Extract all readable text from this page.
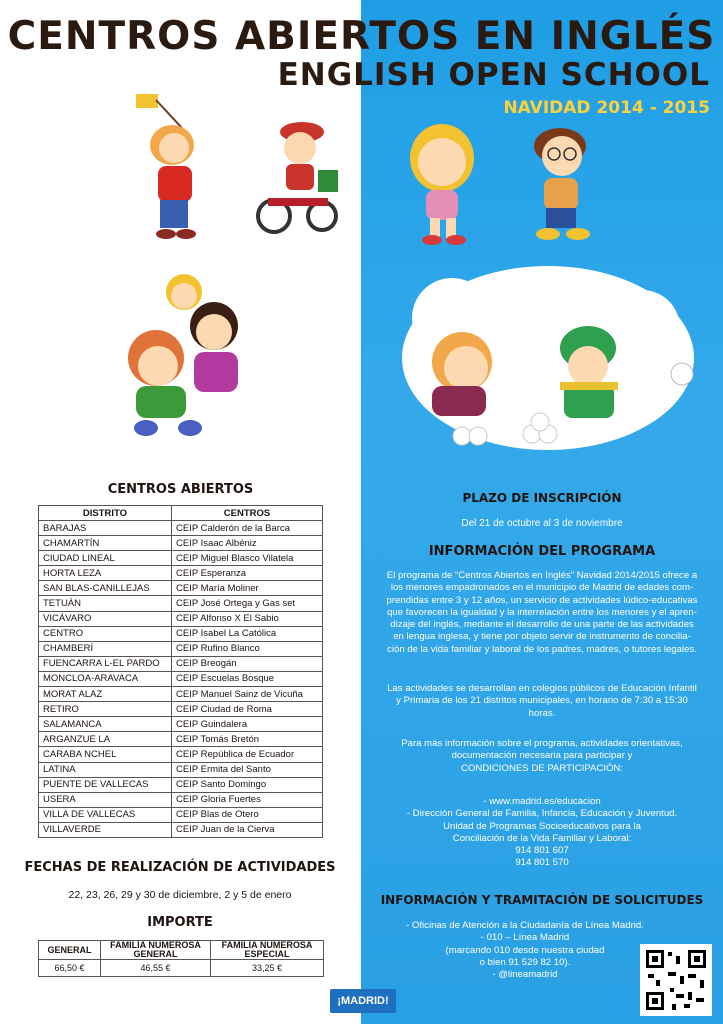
CENTROS ABIERTOS EN INGLÉS
ENGLISH OPEN SCHOOL
NAVIDAD 2014 - 2015
CENTROS ABIERTOS
DISTRITO	CENTROS
BARAJAS	CEIP Calderón de la Barca
CHAMARTÍN	CEIP Isaac Albéniz
CIUDAD LINEAL	CEIP Miguel Blasco Vilatela
HORTA LEZA	CEIP Esperanza
SAN BLAS-CANILLEJAS	CEIP María Moliner
TETUÁN	CEIP José Ortega y Gas set
VICÁVARO	CEIP Alfonso X El Sabio
CENTRO	CEIP Isabel La Católica
CHAMBERÍ	CEIP Rufino Blanco
FUENCARRA L-EL PARDO	CEIP Breogán
MONCLOA-ARAVACA	CEIP Escuelas Bosque
MORAT ALAZ	CEIP Manuel Sainz de Vicuña
RETIRO	CEIP Ciudad de Roma
SALAMANCA	CEIP Guindalera
ARGANZUE LA	CEIP Tomás Bretón
CARABA NCHEL	CEIP República de Ecuador
LATINA	CEIP Ermita del Santo
PUENTE DE VALLECAS	CEIP Santo Domingo
USERA	CEIP Gloria Fuertes
VILLA DE VALLECAS	CEIP Blas de Otero
VILLAVERDE	CEIP Juan de la Cierva
FECHAS DE REALIZACIÓN DE ACTIVIDADES
22, 23, 26, 29 y 30 de diciembre, 2 y 5 de enero
IMPORTE
GENERAL	FAMILIA NUMEROSA GENERAL	FAMILIA NUMEROSA ESPECIAL
66,50 €	46,55 €	33,25 €
¡MADRID!
PLAZO DE INSCRIPCIÓN
Del 21 de octubre al 3 de noviembre
INFORMACIÓN DEL PROGRAMA
El programa de “Centros Abiertos en Inglés” Navidad 2014/2015 ofrece a
los menores empadronados en el municipio de Madrid de edades com-
prendidas entre 3 y 12 años, un servicio de actividades lúdico-educativas
que favorecen la igualdad y la interrelación entre los menores y el apren-
dizaje del inglés, mediante el desarrollo de una parte de las actividades
en lengua inglesa, y tiene por objeto servir de instrumento de concilia-
ción de la vida familiar y laboral de los padres, madres, o tutores legales.
Las actividades se desarrollan en colegios públicos de Educación Infantil
y Primaria de los 21 distritos municipales, en horario de 7:30 a 15:30
horas.
Para más información sobre el programa, actividades orientativas,
documentación necesaria para participar y
CONDICIONES DE PARTICIPACIÓN:
- www.madrid.es/educacion
- Dirección General de Familia, Infancia, Educación y Juventud.
Unidad de Programas Socioeducativos para la
Conciliación de la Vida Familiar y Laboral:
914 801 607
914 801 570
INFORMACIÓN Y TRAMITACIÓN DE SOLICITUDES
- Oficinas de Atención a la Ciudadanía de Línea Madrid.
- 010 – Línea Madrid
(marcando 010 desde nuestra ciudad
o bien 91 529 82 10).
- @lineamadrid
